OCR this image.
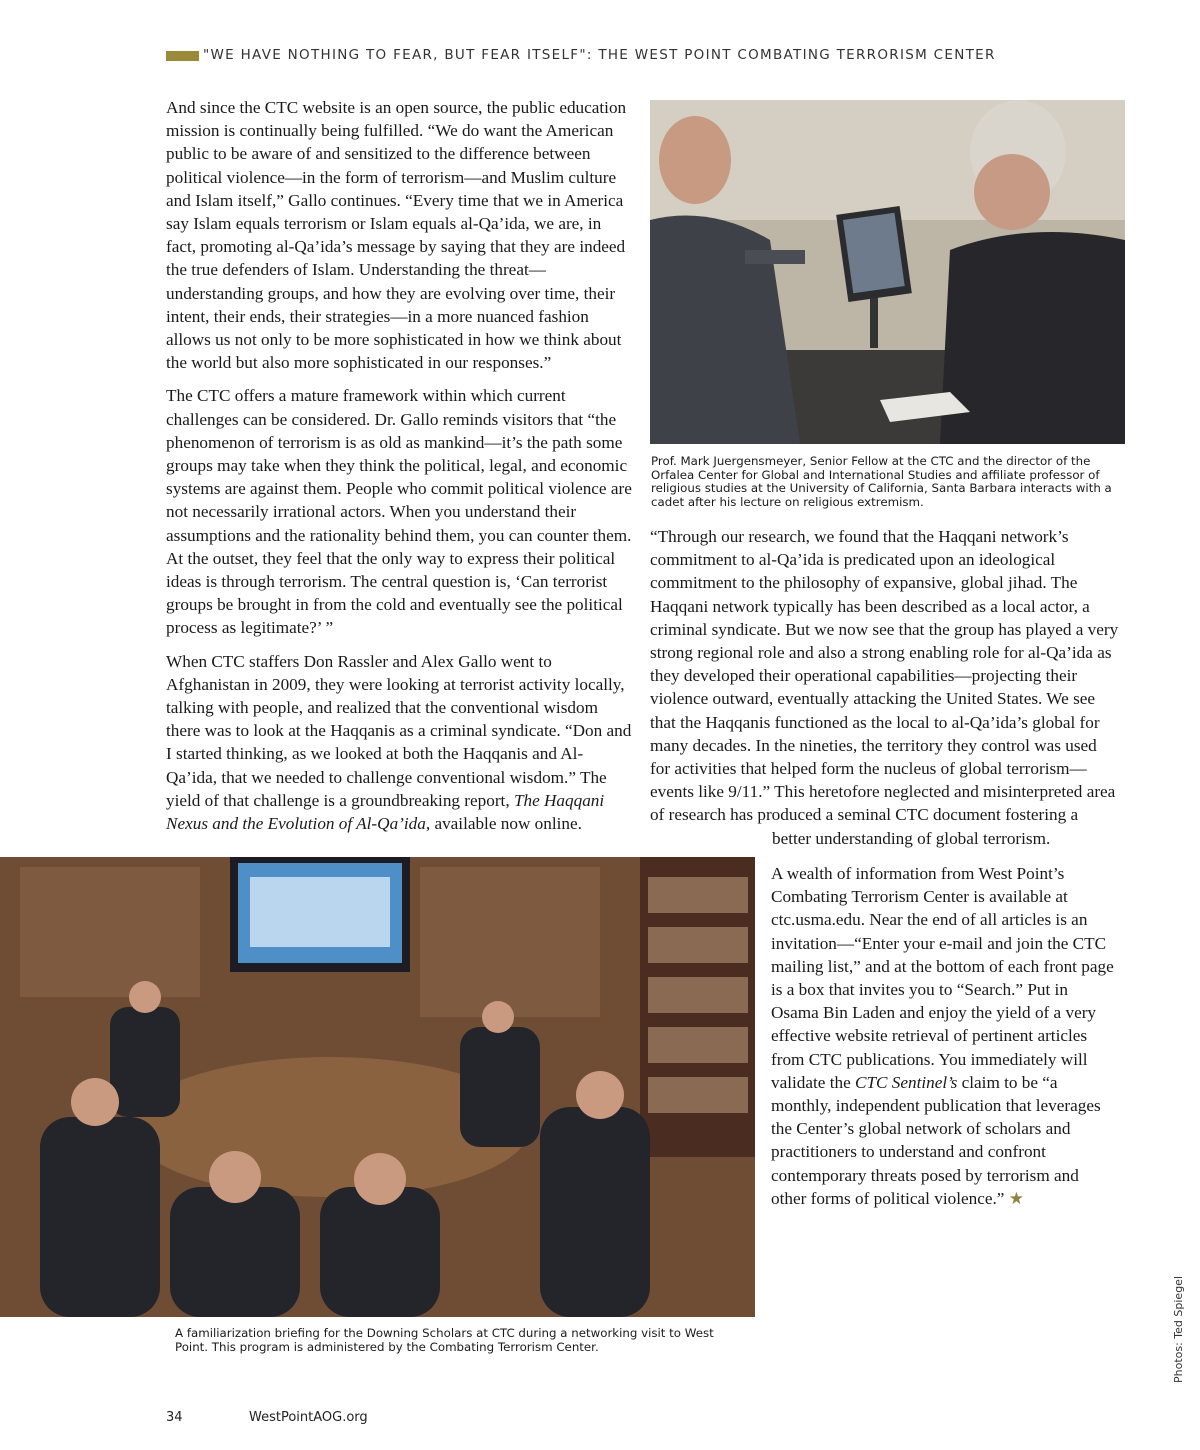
"WE HAVE NOTHING TO FEAR, BUT FEAR ITSELF": THE WEST POINT COMBATING TERRORISM CENTER

And since the CTC website is an open source, the public education mission is continually being fulfilled. “We do want the American public to be aware of and sensitized to the difference between political violence—in the form of terrorism—and Muslim culture and Islam itself,” Gallo continues. “Every time that we in America say Islam equals terrorism or Islam equals al-Qa’ida, we are, in fact, promoting al-Qa’ida’s message by saying that they are indeed the true defenders of Islam. Understanding the threat—understanding groups, and how they are evolving over time, their intent, their ends, their strategies—in a more nuanced fashion allows us not only to be more sophisticated in how we think about the world but also more sophisticated in our responses.”

The CTC offers a mature framework within which current challenges can be considered. Dr. Gallo reminds visitors that “the phenomenon of terrorism is as old as mankind—it’s the path some groups may take when they think the political, legal, and economic systems are against them. People who commit political violence are not necessarily irrational actors. When you understand their assumptions and the rationality behind them, you can counter them. At the outset, they feel that the only way to express their political ideas is through terrorism. The central question is, ‘Can terrorist groups be brought in from the cold and eventually see the political process as legitimate?’ ”

When CTC staffers Don Rassler and Alex Gallo went to Afghanistan in 2009, they were looking at terrorist activity locally, talking with people, and realized that the conventional wisdom there was to look at the Haqqanis as a criminal syndicate. “Don and I started thinking, as we looked at both the Haqqanis and Al-Qa’ida, that we needed to challenge conventional wisdom.” The yield of that challenge is a groundbreaking report, The Haqqani Nexus and the Evolution of Al-Qa’ida, available now online.

Prof. Mark Juergensmeyer, Senior Fellow at the CTC and the director of the Orfalea Center for Global and International Studies and affiliate professor of religious studies at the University of California, Santa Barbara interacts with a cadet after his lecture on religious extremism.

“Through our research, we found that the Haqqani network’s commitment to al-Qa’ida is predicated upon an ideological commitment to the philosophy of expansive, global jihad. The Haqqani network typically has been described as a local actor, a criminal syndicate. But we now see that the group has played a very strong regional role and also a strong enabling role for al-Qa’ida as they developed their operational capabilities—projecting their violence outward, eventually attacking the United States. We see that the Haqqanis functioned as the local to al-Qa’ida’s global for many decades. In the nineties, the territory they control was used for activities that helped form the nucleus of global terrorism—events like 9/11.” This heretofore neglected and misinterpreted area of research has produced a seminal CTC document fostering a
better understanding of global terrorism.

A wealth of information from West Point’s Combating Terrorism Center is available at ctc.usma.edu. Near the end of all articles is an invitation—“Enter your e-mail and join the CTC mailing list,” and at the bottom of each front page is a box that invites you to “Search.” Put in Osama Bin Laden and enjoy the yield of a very effective website retrieval of pertinent articles from CTC publications. You immediately will validate the CTC Sentinel’s claim to be “a monthly, independent publication that leverages the Center’s global network of scholars and practitioners to understand and confront contemporary threats posed by terrorism and other forms of political violence.” ★

A familiarization briefing for the Downing Scholars at CTC during a networking visit to West Point. This program is administered by the Combating Terrorism Center.	Photos: Ted Spiegel
34	WestPointAOG.org
